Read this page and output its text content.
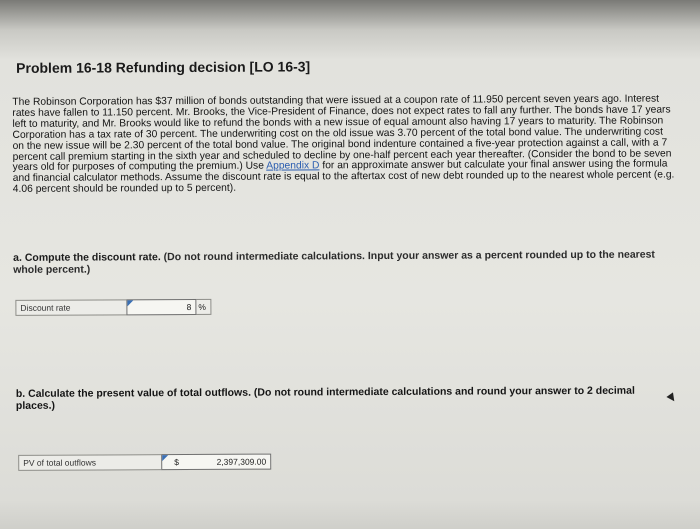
Problem 16-18 Refunding decision [LO 16-3]
The Robinson Corporation has $37 million of bonds outstanding that were issued at a coupon rate of 11.950 percent seven years ago. Interest rates have fallen to 11.150 percent. Mr. Brooks, the Vice-President of Finance, does not expect rates to fall any further. The bonds have 17 years left to maturity, and Mr. Brooks would like to refund the bonds with a new issue of equal amount also having 17 years to maturity. The Robinson Corporation has a tax rate of 30 percent. The underwriting cost on the old issue was 3.70 percent of the total bond value. The underwriting cost on the new issue will be 2.30 percent of the total bond value. The original bond indenture contained a five-year protection against a call, with a 7 percent call premium starting in the sixth year and scheduled to decline by one-half percent each year thereafter. (Consider the bond to be seven years old for purposes of computing the premium.) Use Appendix D for an approximate answer but calculate your final answer using the formula and financial calculator methods. Assume the discount rate is equal to the aftertax cost of new debt rounded up to the nearest whole percent (e.g. 4.06 percent should be rounded up to 5 percent).
a. Compute the discount rate. (Do not round intermediate calculations. Input your answer as a percent rounded up to the nearest whole percent.)
Discount rate	8 %
b. Calculate the present value of total outflows. (Do not round intermediate calculations and round your answer to 2 decimal places.)
PV of total outflows	$	2,397,309.00
